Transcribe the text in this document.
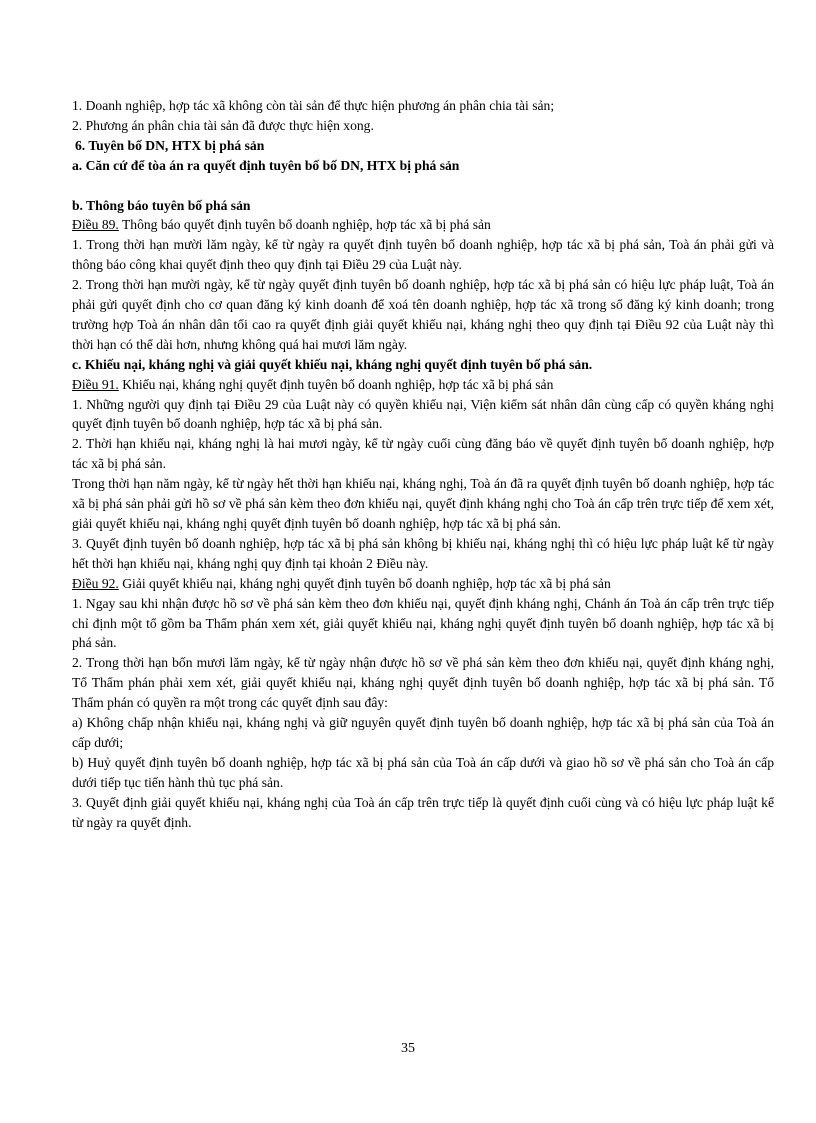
1. Doanh nghiệp, hợp tác xã không còn tài sản để thực hiện phương án phân chia tài sản;

2. Phương án phân chia tài sản đã được thực hiện xong.

6. Tuyên bố DN, HTX bị phá sản

a. Căn cứ để tòa án ra quyết định tuyên bố bố DN, HTX bị phá sản

b. Thông báo tuyên bố phá sản

Điều 89. Thông báo quyết định tuyên bố doanh nghiệp, hợp tác xã bị phá sản

1. Trong thời hạn mười lăm ngày, kể từ ngày ra quyết định tuyên bố doanh nghiệp, hợp tác xã bị phá sản, Toà án phải gửi và thông báo công khai quyết định theo quy định tại Điều 29 của Luật này.

2. Trong thời hạn mười ngày, kể từ ngày quyết định tuyên bố doanh nghiệp, hợp tác xã bị phá sản có hiệu lực pháp luật, Toà án phải gửi quyết định cho cơ quan đăng ký kinh doanh để xoá tên doanh nghiệp, hợp tác xã trong sổ đăng ký kinh doanh; trong trường hợp Toà án nhân dân tối cao ra quyết định giải quyết khiếu nại, kháng nghị theo quy định tại Điều 92 của Luật này thì thời hạn có thể dài hơn, nhưng không quá hai mươi lăm ngày.

c. Khiếu nại, kháng nghị và giải quyết khiếu nại, kháng nghị quyết định tuyên bố phá sản.

Điều 91. Khiếu nại, kháng nghị quyết định tuyên bố doanh nghiệp, hợp tác xã bị phá sản

1. Những người quy định tại Điều 29 của Luật này có quyền khiếu nại, Viện kiểm sát nhân dân cùng cấp có quyền kháng nghị quyết định tuyên bố doanh nghiệp, hợp tác xã bị phá sản.

2. Thời hạn khiếu nại, kháng nghị là hai mươi ngày, kể từ ngày cuối cùng đăng báo về quyết định tuyên bố doanh nghiệp, hợp tác xã bị phá sản.

Trong thời hạn năm ngày, kể từ ngày hết thời hạn khiếu nại, kháng nghị, Toà án đã ra quyết định tuyên bố doanh nghiệp, hợp tác xã bị phá sản phải gửi hồ sơ về phá sản kèm theo đơn khiếu nại, quyết định kháng nghị cho Toà án cấp trên trực tiếp để xem xét, giải quyết khiếu nại, kháng nghị quyết định tuyên bố doanh nghiệp, hợp tác xã bị phá sản.

3. Quyết định tuyên bố doanh nghiệp, hợp tác xã bị phá sản không bị khiếu nại, kháng nghị thì có hiệu lực pháp luật kể từ ngày hết thời hạn khiếu nại, kháng nghị quy định tại khoản 2 Điều này.

Điều 92. Giải quyết khiếu nại, kháng nghị quyết định tuyên bố doanh nghiệp, hợp tác xã bị phá sản

1. Ngay sau khi nhận được hồ sơ về phá sản kèm theo đơn khiếu nại, quyết định kháng nghị, Chánh án Toà án cấp trên trực tiếp chỉ định một tổ gồm ba Thẩm phán xem xét, giải quyết khiếu nại, kháng nghị quyết định tuyên bố doanh nghiệp, hợp tác xã bị phá sản.

2. Trong thời hạn bốn mươi lăm ngày, kể từ ngày nhận được hồ sơ về phá sản kèm theo đơn khiếu nại, quyết định kháng nghị, Tổ Thẩm phán phải xem xét, giải quyết khiếu nại, kháng nghị quyết định tuyên bố doanh nghiệp, hợp tác xã bị phá sản. Tổ Thẩm phán có quyền ra một trong các quyết định sau đây:

a) Không chấp nhận khiếu nại, kháng nghị và giữ nguyên quyết định tuyên bố doanh nghiệp, hợp tác xã bị phá sản của Toà án cấp dưới;

b) Huỷ quyết định tuyên bố doanh nghiệp, hợp tác xã bị phá sản của Toà án cấp dưới và giao hồ sơ về phá sản cho Toà án cấp dưới tiếp tục tiến hành thủ tục phá sản.

3. Quyết định giải quyết khiếu nại, kháng nghị của Toà án cấp trên trực tiếp là quyết định cuối cùng và có hiệu lực pháp luật kể từ ngày ra quyết định.

35
